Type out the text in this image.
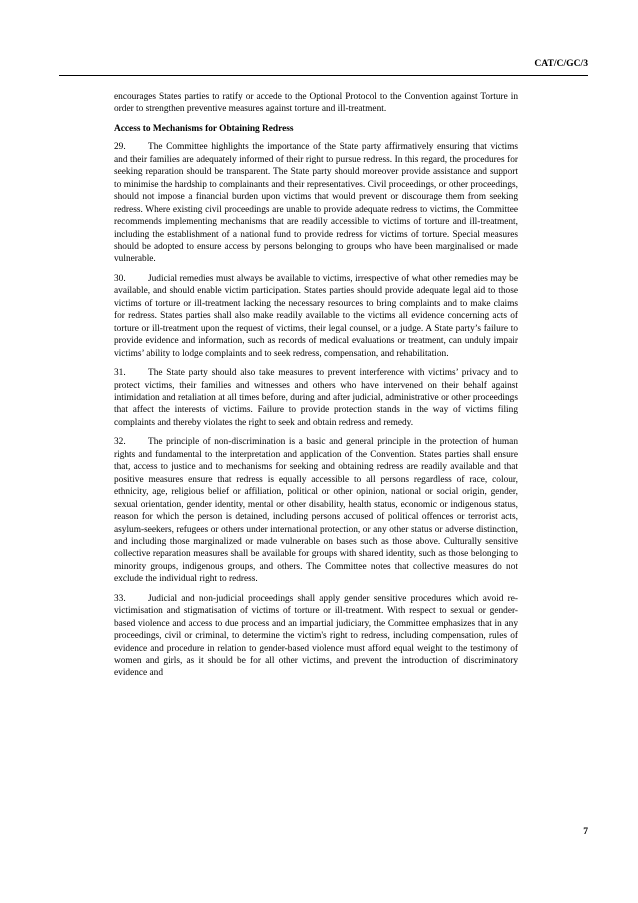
CAT/C/GC/3

encourages States parties to ratify or accede to the Optional Protocol to the Convention against Torture in order to strengthen preventive measures against torture and ill-treatment.

Access to Mechanisms for Obtaining Redress

29. The Committee highlights the importance of the State party affirmatively ensuring that victims and their families are adequately informed of their right to pursue redress. In this regard, the procedures for seeking reparation should be transparent. The State party should moreover provide assistance and support to minimise the hardship to complainants and their representatives. Civil proceedings, or other proceedings, should not impose a financial burden upon victims that would prevent or discourage them from seeking redress. Where existing civil proceedings are unable to provide adequate redress to victims, the Committee recommends implementing mechanisms that are readily accessible to victims of torture and ill-treatment, including the establishment of a national fund to provide redress for victims of torture. Special measures should be adopted to ensure access by persons belonging to groups who have been marginalised or made vulnerable.

30. Judicial remedies must always be available to victims, irrespective of what other remedies may be available, and should enable victim participation. States parties should provide adequate legal aid to those victims of torture or ill-treatment lacking the necessary resources to bring complaints and to make claims for redress. States parties shall also make readily available to the victims all evidence concerning acts of torture or ill-treatment upon the request of victims, their legal counsel, or a judge. A State party’s failure to provide evidence and information, such as records of medical evaluations or treatment, can unduly impair victims’ ability to lodge complaints and to seek redress, compensation, and rehabilitation.

31. The State party should also take measures to prevent interference with victims’ privacy and to protect victims, their families and witnesses and others who have intervened on their behalf against intimidation and retaliation at all times before, during and after judicial, administrative or other proceedings that affect the interests of victims. Failure to provide protection stands in the way of victims filing complaints and thereby violates the right to seek and obtain redress and remedy.

32. The principle of non-discrimination is a basic and general principle in the protection of human rights and fundamental to the interpretation and application of the Convention. States parties shall ensure that, access to justice and to mechanisms for seeking and obtaining redress are readily available and that positive measures ensure that redress is equally accessible to all persons regardless of race, colour, ethnicity, age, religious belief or affiliation, political or other opinion, national or social origin, gender, sexual orientation, gender identity, mental or other disability, health status, economic or indigenous status, reason for which the person is detained, including persons accused of political offences or terrorist acts, asylum-seekers, refugees or others under international protection, or any other status or adverse distinction, and including those marginalized or made vulnerable on bases such as those above. Culturally sensitive collective reparation measures shall be available for groups with shared identity, such as those belonging to minority groups, indigenous groups, and others. The Committee notes that collective measures do not exclude the individual right to redress.

33. Judicial and non-judicial proceedings shall apply gender sensitive procedures which avoid re-victimisation and stigmatisation of victims of torture or ill-treatment. With respect to sexual or gender-based violence and access to due process and an impartial judiciary, the Committee emphasizes that in any proceedings, civil or criminal, to determine the victim's right to redress, including compensation, rules of evidence and procedure in relation to gender-based violence must afford equal weight to the testimony of women and girls, as it should be for all other victims, and prevent the introduction of discriminatory evidence and

7
